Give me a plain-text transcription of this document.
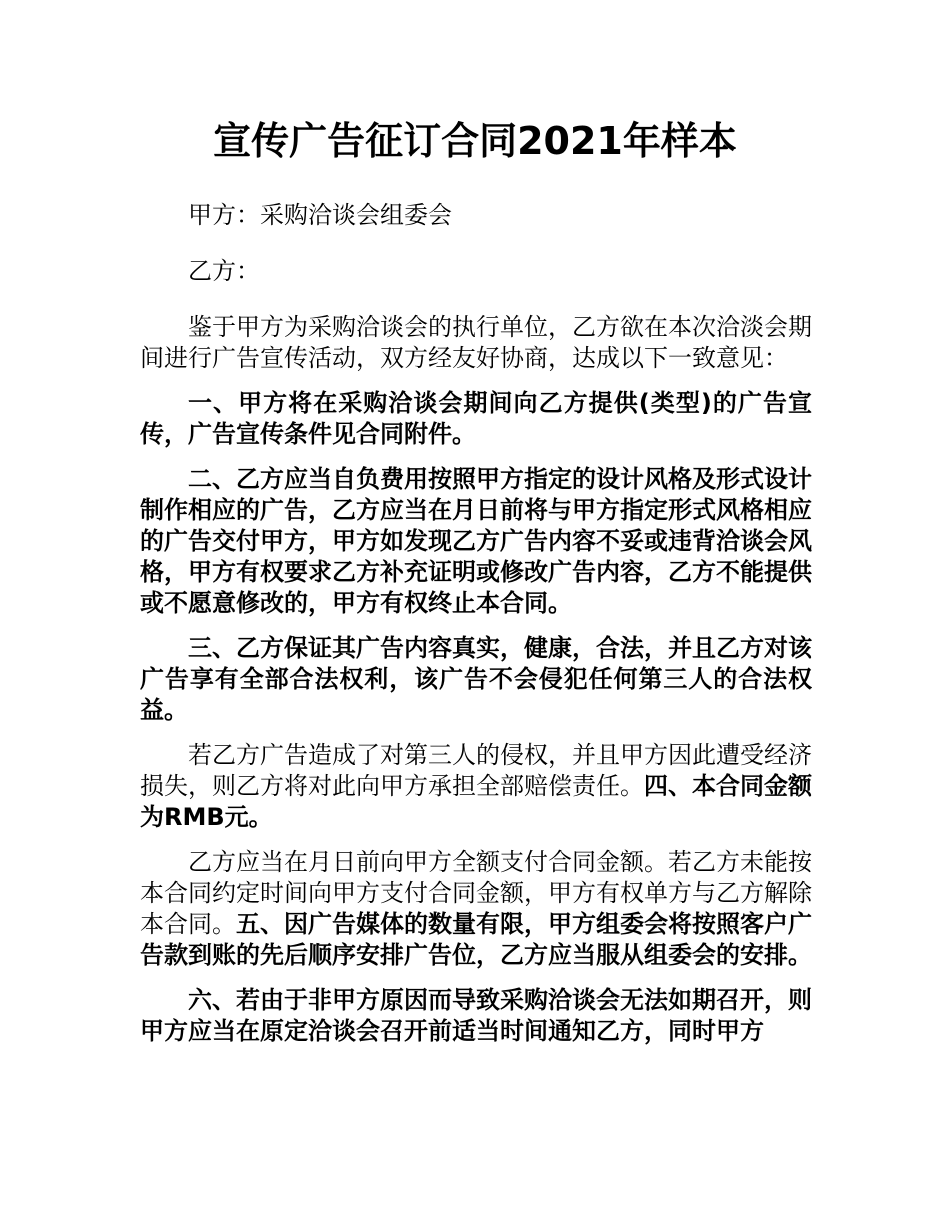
宣传广告征订合同2021年样本

甲方：采购洽谈会组委会

乙方：

鉴于甲方为采购洽谈会的执行单位，乙方欲在本次洽淡会期间进行广告宣传活动，双方经友好协商，达成以下一致意见：

一、甲方将在采购洽谈会期间向乙方提供(类型)的广告宣传，广告宣传条件见合同附件。

二、乙方应当自负费用按照甲方指定的设计风格及形式设计制作相应的广告，乙方应当在月日前将与甲方指定形式风格相应的广告交付甲方，甲方如发现乙方广告内容不妥或违背洽谈会风格，甲方有权要求乙方补充证明或修改广告内容，乙方不能提供或不愿意修改的，甲方有权终止本合同。

三、乙方保证其广告内容真实，健康，合法，并且乙方对该广告享有全部合法权利，该广告不会侵犯任何第三人的合法权益。

若乙方广告造成了对第三人的侵权，并且甲方因此遭受经济损失，则乙方将对此向甲方承担全部赔偿责任。四、本合同金额为RMB元。

乙方应当在月日前向甲方全额支付合同金额。若乙方未能按本合同约定时间向甲方支付合同金额，甲方有权单方与乙方解除本合同。五、因广告媒体的数量有限，甲方组委会将按照客户广告款到账的先后顺序安排广告位，乙方应当服从组委会的安排。

六、若由于非甲方原因而导致采购洽谈会无法如期召开，则甲方应当在原定洽谈会召开前适当时间通知乙方，同时甲方
